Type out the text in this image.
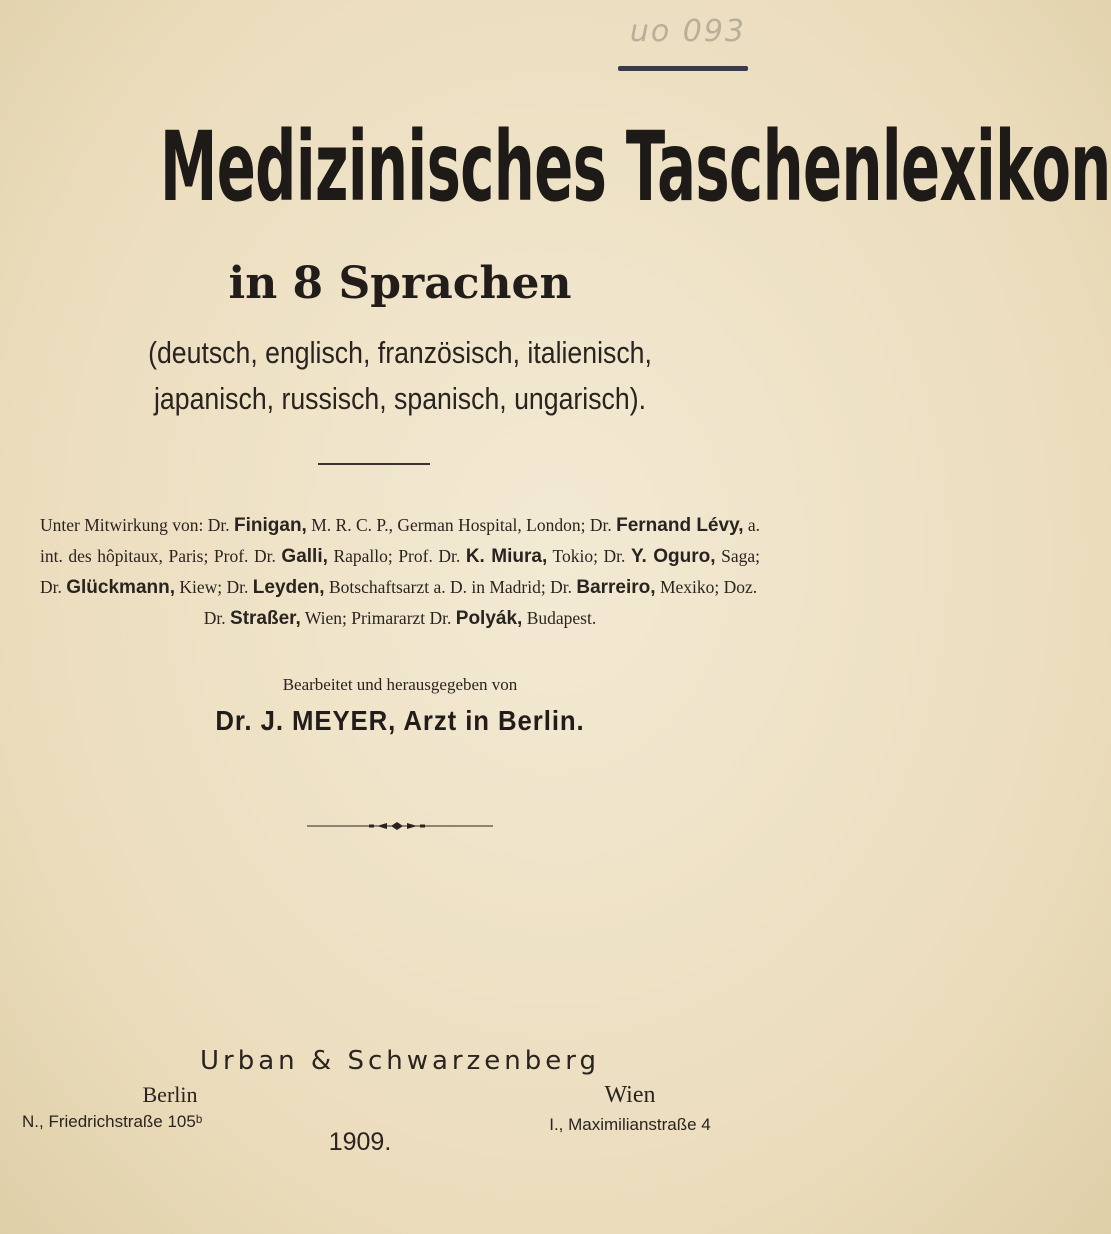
uo 093
Medizinisches Taschenlexikon
in 8 Sprachen
(deutsch, englisch, französisch, italienisch,
japanisch, russisch, spanisch, ungarisch).
Unter Mitwirkung von: Dr. Finigan, M. R. C. P., German Hospital, London; Dr. Fernand Lévy, a. int. des hôpitaux, Paris; Prof. Dr. Galli, Rapallo; Prof. Dr. K. Miura, Tokio; Dr. Y. Oguro, Saga; Dr. Glückmann, Kiew; Dr. Leyden, Botschaftsarzt a. D. in Madrid; Dr. Barreiro, Mexiko; Doz.
Dr. Straßer, Wien; Primararzt Dr. Polyák, Budapest.
Bearbeitet und herausgegeben von
Dr. J. MEYER, Arzt in Berlin.
Urban & Schwarzenberg
Berlin
N., Friedrichstraße 105ᵇ
Wien
I., Maximilianstraße 4
1909.
